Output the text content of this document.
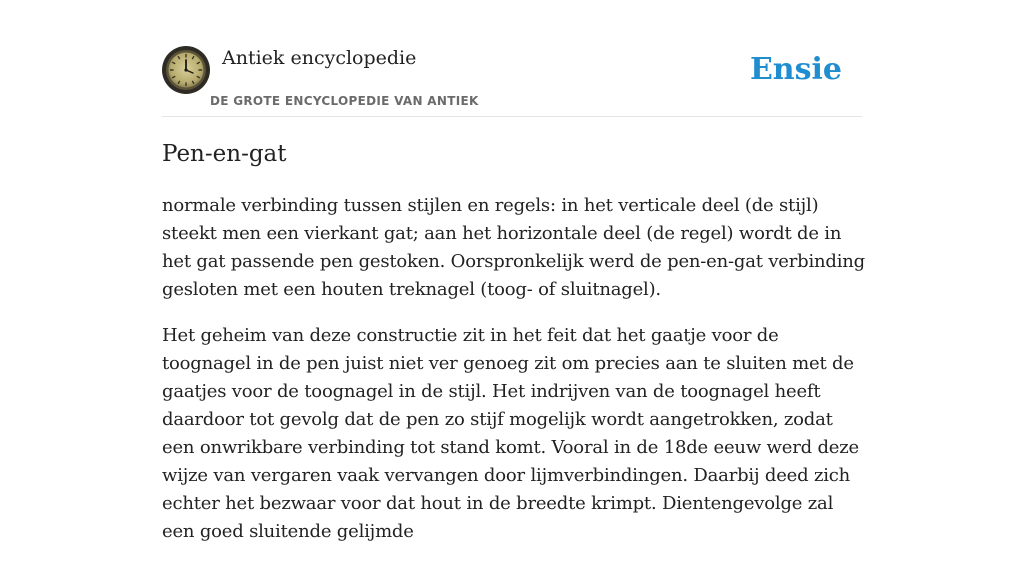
Antiek encyclopedie
DE GROTE ENCYCLOPEDIE VAN ANTIEK
Ensie
Pen-en-gat

normale verbinding tussen stijlen en regels: in het verticale deel (de stijl) steekt men een vierkant gat; aan het horizontale deel (de regel) wordt de in het gat passende pen gestoken. Oorspronkelijk werd de pen-en-gat verbinding gesloten met een houten treknagel (toog- of sluitnagel).

Het geheim van deze constructie zit in het feit dat het gaatje voor de toognagel in de pen juist niet ver genoeg zit om precies aan te sluiten met de gaatjes voor de toognagel in de stijl. Het indrijven van de toognagel heeft daardoor tot gevolg dat de pen zo stijf mogelijk wordt aangetrokken, zodat een onwrikbare verbinding tot stand komt. Vooral in de 18de eeuw werd deze wijze van vergaren vaak vervangen door lijmverbindingen. Daarbij deed zich echter het bezwaar voor dat hout in de breedte krimpt. Dientengevolge zal een goed sluitende gelijmde
